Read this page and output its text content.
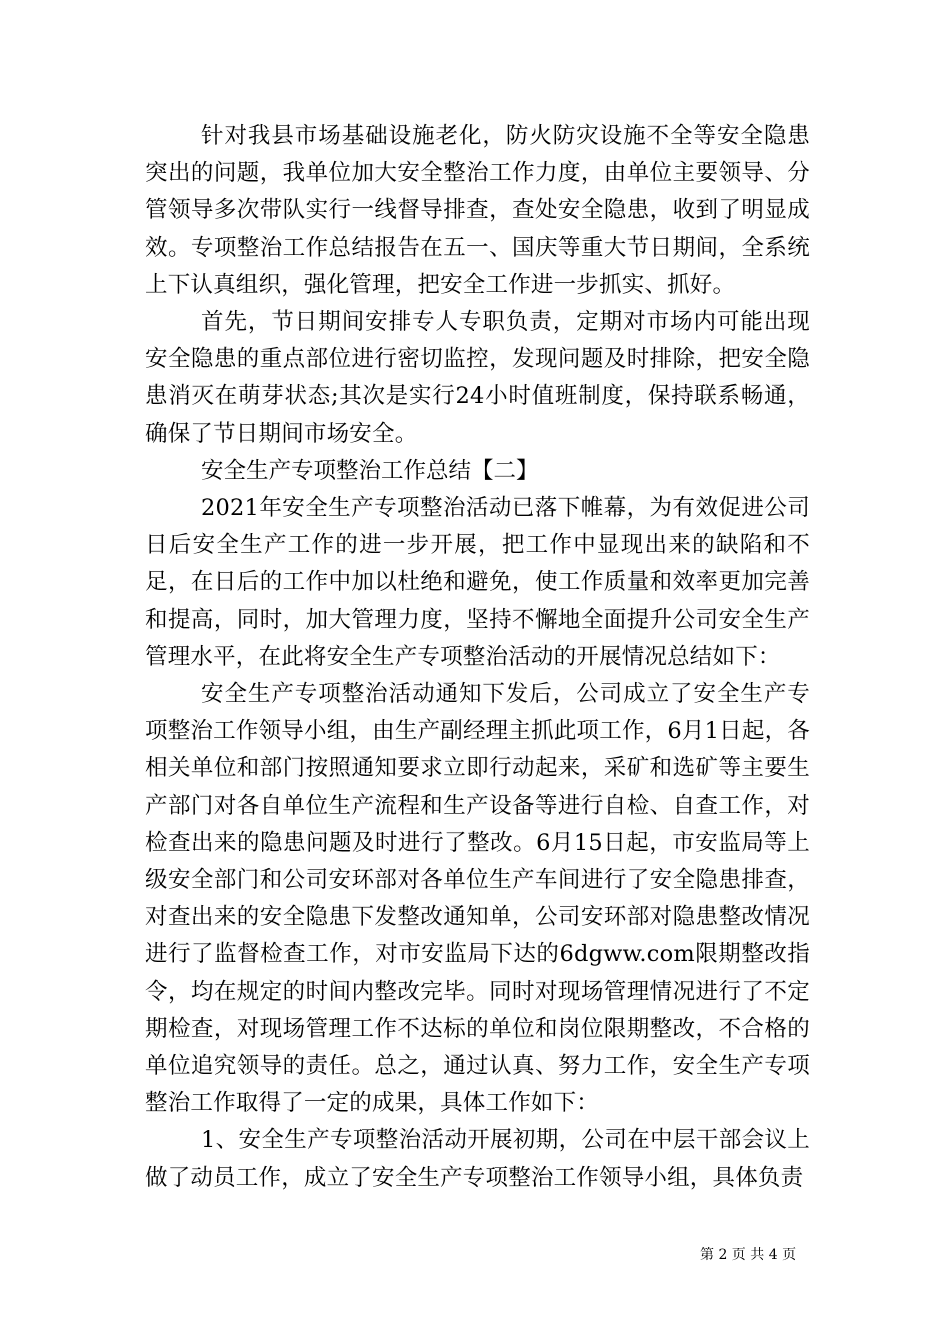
针对我县市场基础设施老化，防火防灾设施不全等安全隐患突出的问题，我单位加大安全整治工作力度，由单位主要领导、分管领导多次带队实行一线督导排查，查处安全隐患，收到了明显成效。专项整治工作总结报告在五一、国庆等重大节日期间，全系统上下认真组织，强化管理，把安全工作进一步抓实、抓好。

首先，节日期间安排专人专职负责，定期对市场内可能出现安全隐患的重点部位进行密切监控，发现问题及时排除，把安全隐患消灭在萌芽状态;其次是实行24小时值班制度，保持联系畅通，确保了节日期间市场安全。

安全生产专项整治工作总结【二】

2021年安全生产专项整治活动已落下帷幕，为有效促进公司日后安全生产工作的进一步开展，把工作中显现出来的缺陷和不足，在日后的工作中加以杜绝和避免，使工作质量和效率更加完善和提高，同时，加大管理力度，坚持不懈地全面提升公司安全生产管理水平，在此将安全生产专项整治活动的开展情况总结如下：

安全生产专项整治活动通知下发后，公司成立了安全生产专项整治工作领导小组，由生产副经理主抓此项工作，6月1日起，各相关单位和部门按照通知要求立即行动起来，采矿和选矿等主要生产部门对各自单位生产流程和生产设备等进行自检、自查工作，对检查出来的隐患问题及时进行了整改。6月15日起，市安监局等上级安全部门和公司安环部对各单位生产车间进行了安全隐患排查，对查出来的安全隐患下发整改通知单，公司安环部对隐患整改情况进行了监督检查工作，对市安监局下达的6dgww.com限期整改指令，均在规定的时间内整改完毕。同时对现场管理情况进行了不定期检查，对现场管理工作不达标的单位和岗位限期整改，不合格的单位追究领导的责任。总之，通过认真、努力工作，安全生产专项整治工作取得了一定的成果，具体工作如下：

1、安全生产专项整治活动开展初期，公司在中层干部会议上做了动员工作，成立了安全生产专项整治工作领导小组，具体负责

第 2 页 共 4 页
